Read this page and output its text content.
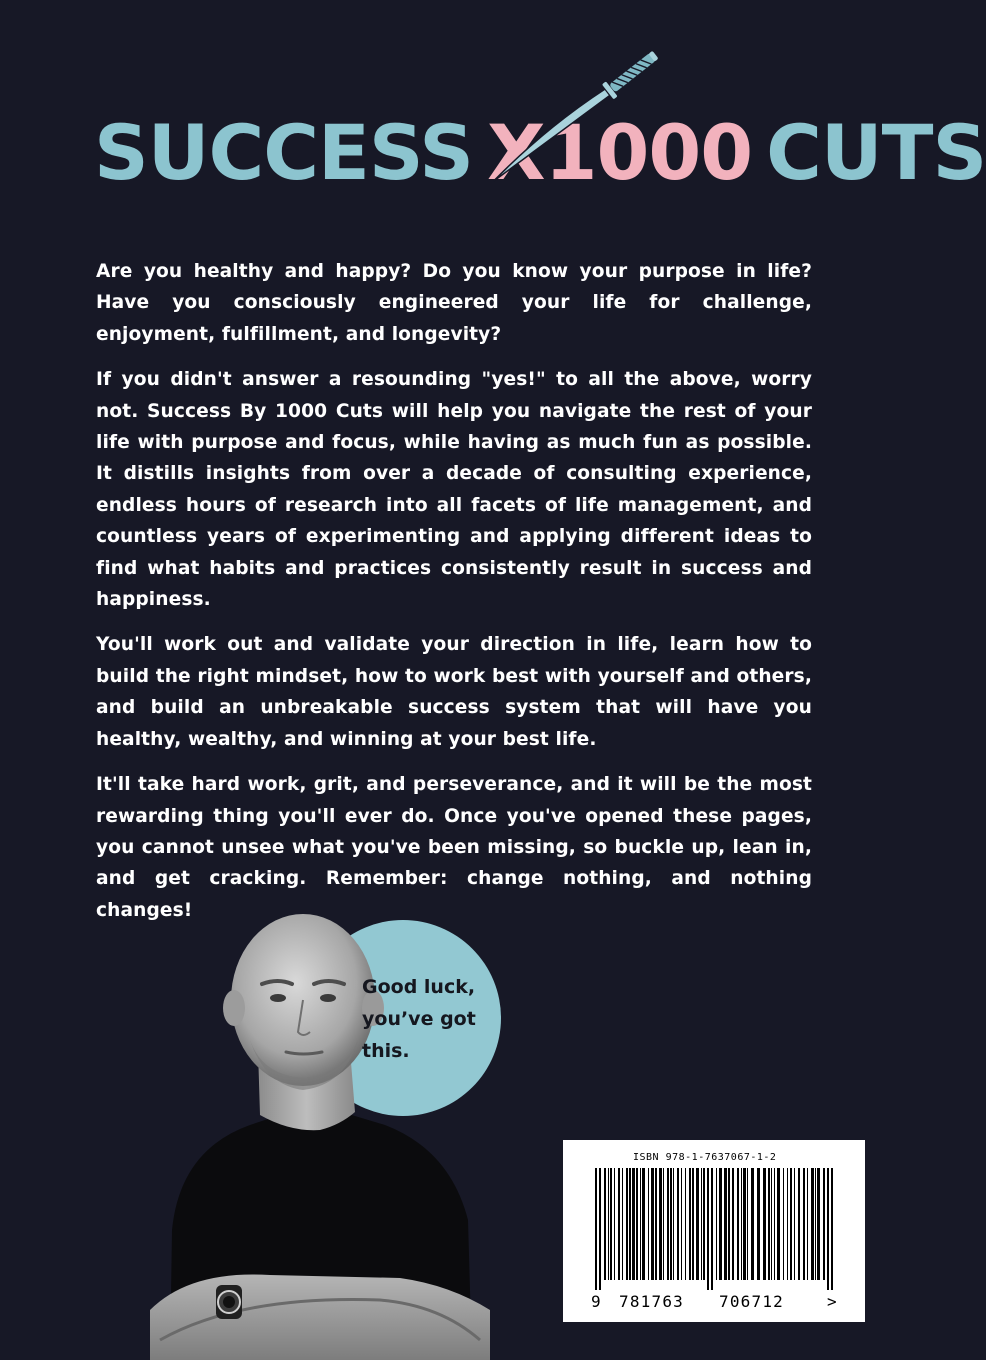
SUCCESS X1000 CUTS

Are you healthy and happy? Do you know your purpose in life? Have you consciously engineered your life for challenge, enjoyment, fulfillment, and longevity?

If you didn't answer a resounding "yes!" to all the above, worry not. Success By 1000 Cuts will help you navigate the rest of your life with purpose and focus, while having as much fun as possible. It distills insights from over a decade of consulting experience, endless hours of research into all facets of life management, and countless years of experimenting and applying different ideas to find what habits and practices consistently result in success and happiness.

You'll work out and validate your direction in life, learn how to build the right mindset, how to work best with yourself and others, and build an unbreakable success system that will have you healthy, wealthy, and winning at your best life.

It'll take hard work, grit, and perseverance, and it will be the most rewarding thing you'll ever do. Once you've opened these pages, you cannot unsee what you've been missing, so buckle up, lean in, and get cracking. Remember: change nothing, and nothing changes!

Good luck,
you’ve got
this.
ISBN 978-1-7637067-1-2
9 781763 706712	>
